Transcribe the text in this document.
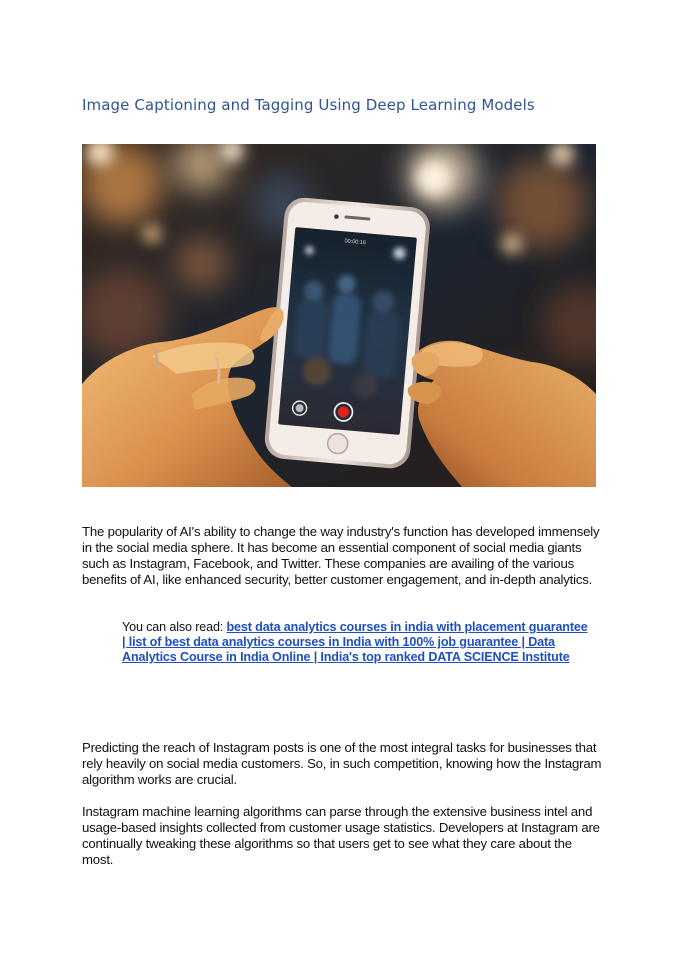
Image Captioning and Tagging Using Deep Learning Models
00:00:16

The popularity of AI's ability to change the way industry's function has developed immensely in the social media sphere. It has become an essential component of social media giants such as Instagram, Facebook, and Twitter. These companies are availing of the various benefits of AI, like enhanced security, better customer engagement, and in-depth analytics.

You can also read: best data analytics courses in india with placement guarantee | list of best data analytics courses in India with 100% job guarantee | Data Analytics Course in India Online | India's top ranked DATA SCIENCE Institute

Predicting the reach of Instagram posts is one of the most integral tasks for businesses that rely heavily on social media customers. So, in such competition, knowing how the Instagram algorithm works are crucial.

Instagram machine learning algorithms can parse through the extensive business intel and usage-based insights collected from customer usage statistics. Developers at Instagram are continually tweaking these algorithms so that users get to see what they care about the most.
